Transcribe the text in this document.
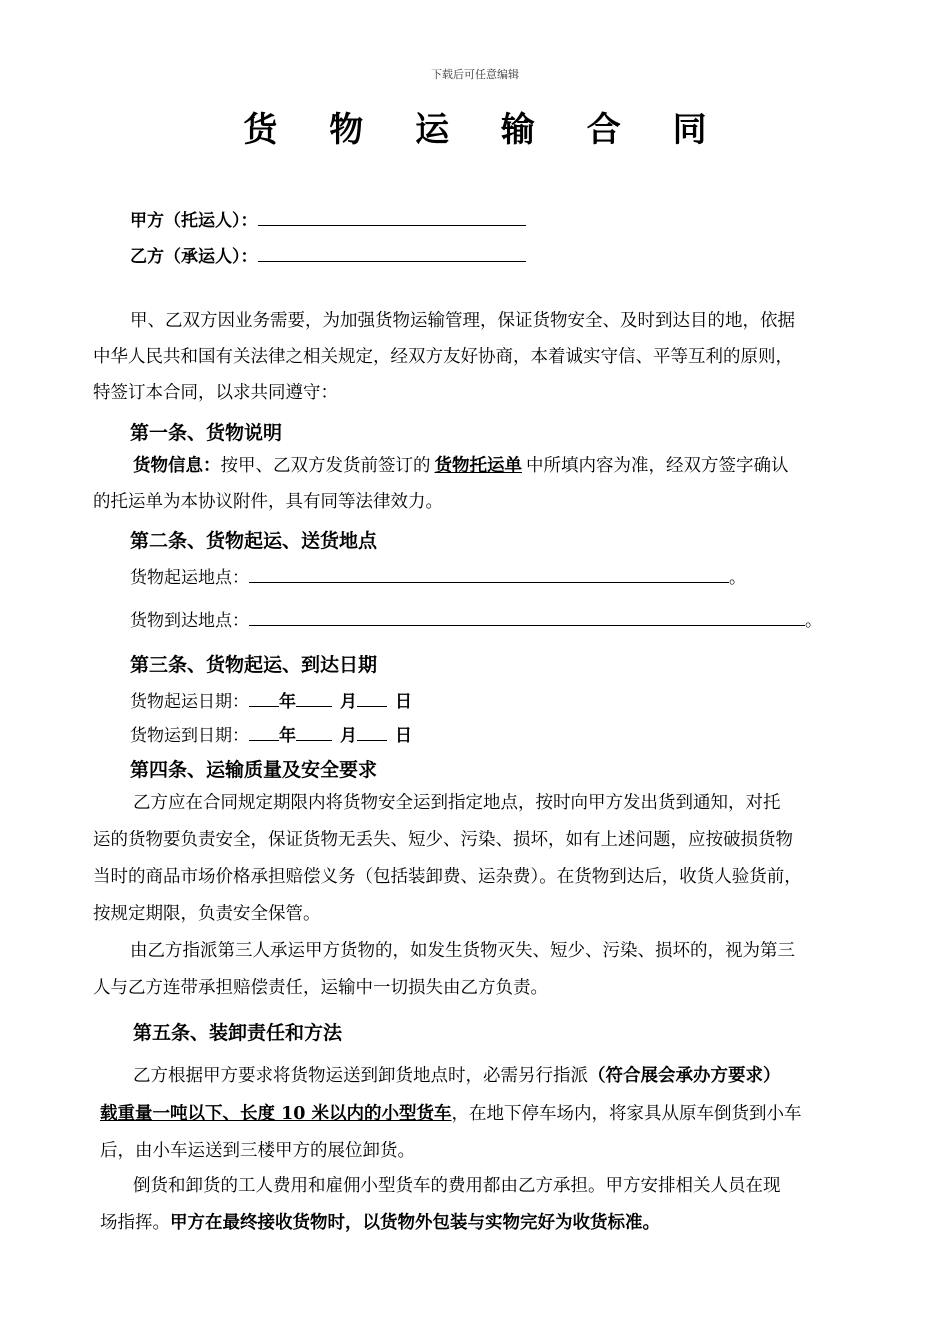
下载后可任意编辑
货 物 运 输 合 同
甲方（托运人）：
乙方（承运人）：
甲、乙双方因业务需要，为加强货物运输管理，保证货物安全、及时到达目的地，依据
中华人民共和国有关法律之相关规定，经双方友好协商，本着诚实守信、平等互利的原则，
特签订本合同，以求共同遵守：
第一条、货物说明
货物信息：按甲、乙双方发货前签订的 货物托运单 中所填内容为准，经双方签字确认
的托运单为本协议附件，具有同等法律效力。
第二条、货物起运、送货地点
货物起运地点：	。
货物到达地点：	。
第三条、货物起运、到达日期
货物起运日期： 年	月 日
货物运到日期： 年	月 日
第四条、运输质量及安全要求
乙方应在合同规定期限内将货物安全运到指定地点，按时向甲方发出货到通知，对托
运的货物要负责安全，保证货物无丢失、短少、污染、损坏，如有上述问题，应按破损货物
当时的商品市场价格承担赔偿义务（包括装卸费、运杂费）。在货物到达后，收货人验货前，
按规定期限，负责安全保管。
由乙方指派第三人承运甲方货物的，如发生货物灭失、短少、污染、损坏的，视为第三
人与乙方连带承担赔偿责任，运输中一切损失由乙方负责。
第五条、装卸责任和方法
乙方根据甲方要求将货物运送到卸货地点时，必需另行指派（符合展会承办方要求）
载重量一吨以下、长度 10 米以内的小型货车，在地下停车场内，将家具从原车倒货到小车
后，由小车运送到三楼甲方的展位卸货。
倒货和卸货的工人费用和雇佣小型货车的费用都由乙方承担。甲方安排相关人员在现
场指挥。甲方在最终接收货物时，以货物外包装与实物完好为收货标准。
